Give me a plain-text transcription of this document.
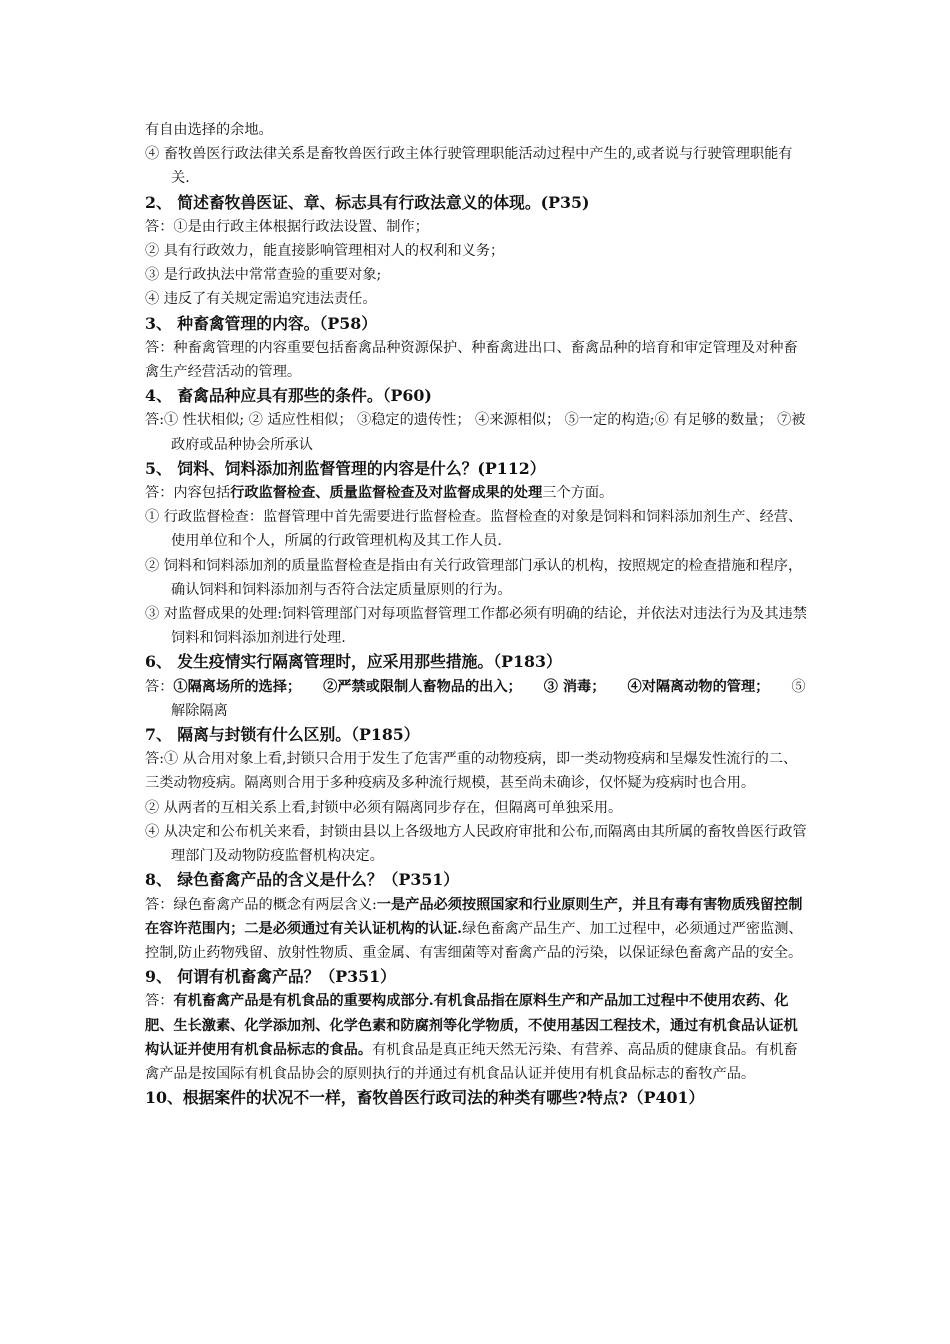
有自由选择的余地。

④ 畜牧兽医行政法律关系是畜牧兽医行政主体行驶管理职能活动过程中产生的,或者说与行驶管理职能有关.

2、 简述畜牧兽医证、章、标志具有行政法意义的体现。(P35)

答：①是由行政主体根据行政法设置、制作；

② 具有行政效力，能直接影响管理相对人的权利和义务；

③ 是行政执法中常常查验的重要对象;

④ 违反了有关规定需追究违法责任。

3、 种畜禽管理的内容。（P58）

答：种畜禽管理的内容重要包括畜禽品种资源保护、种畜禽进出口、畜禽品种的培育和审定管理及对种畜禽生产经营活动的管理。

4、 畜禽品种应具有那些的条件。（P60)

答:① 性状相似; ② 适应性相似； ③稳定的遗传性； ④来源相似； ⑤一定的构造;⑥ 有足够的数量； ⑦被政府或品种协会所承认

5、 饲料、饲料添加剂监督管理的内容是什么？(P112）

答：内容包括行政监督检查、质量监督检查及对监督成果的处理三个方面。

① 行政监督检查：监督管理中首先需要进行监督检查。监督检查的对象是饲料和饲料添加剂生产、经营、使用单位和个人，所属的行政管理机构及其工作人员.

② 饲料和饲料添加剂的质量监督检查是指由有关行政管理部门承认的机构，按照规定的检查措施和程序，确认饲料和饲料添加剂与否符合法定质量原则的行为。

③ 对监督成果的处理:饲料管理部门对每项监督管理工作都必须有明确的结论，并依法对违法行为及其违禁饲料和饲料添加剂进行处理.

6、 发生疫情实行隔离管理时，应采用那些措施。（P183）

答：①隔离场所的选择； ②严禁或限制人畜物品的出入； ③ 消毒； ④对隔离动物的管理； ⑤ 解除隔离

7、 隔离与封锁有什么区别。（P185）

答:① 从合用对象上看,封锁只合用于发生了危害严重的动物疫病，即一类动物疫病和呈爆发性流行的二、三类动物疫病。隔离则合用于多种疫病及多种流行规模，甚至尚未确诊，仅怀疑为疫病时也合用。

② 从两者的互相关系上看,封锁中必须有隔离同步存在，但隔离可单独采用。

④ 从决定和公布机关来看，封锁由县以上各级地方人民政府审批和公布,而隔离由其所属的畜牧兽医行政管理部门及动物防疫监督机构决定。

8、 绿色畜禽产品的含义是什么？（P351）

答：绿色畜禽产品的概念有两层含义:一是产品必须按照国家和行业原则生产，并且有毒有害物质残留控制在容许范围内；二是必须通过有关认证机构的认证.绿色畜禽产品生产、加工过程中，必须通过严密监测、控制,防止药物残留、放射性物质、重金属、有害细菌等对畜禽产品的污染，以保证绿色畜禽产品的安全。

9、 何谓有机畜禽产品？（P351）

答：有机畜禽产品是有机食品的重要构成部分.有机食品指在原料生产和产品加工过程中不使用农药、化肥、生长激素、化学添加剂、化学色素和防腐剂等化学物质，不使用基因工程技术，通过有机食品认证机构认证并使用有机食品标志的食品。有机食品是真正纯天然无污染、有营养、高品质的健康食品。有机畜禽产品是按国际有机食品协会的原则执行的并通过有机食品认证并使用有机食品标志的畜牧产品。

10、根据案件的状况不一样，畜牧兽医行政司法的种类有哪些?特点?（P401）
